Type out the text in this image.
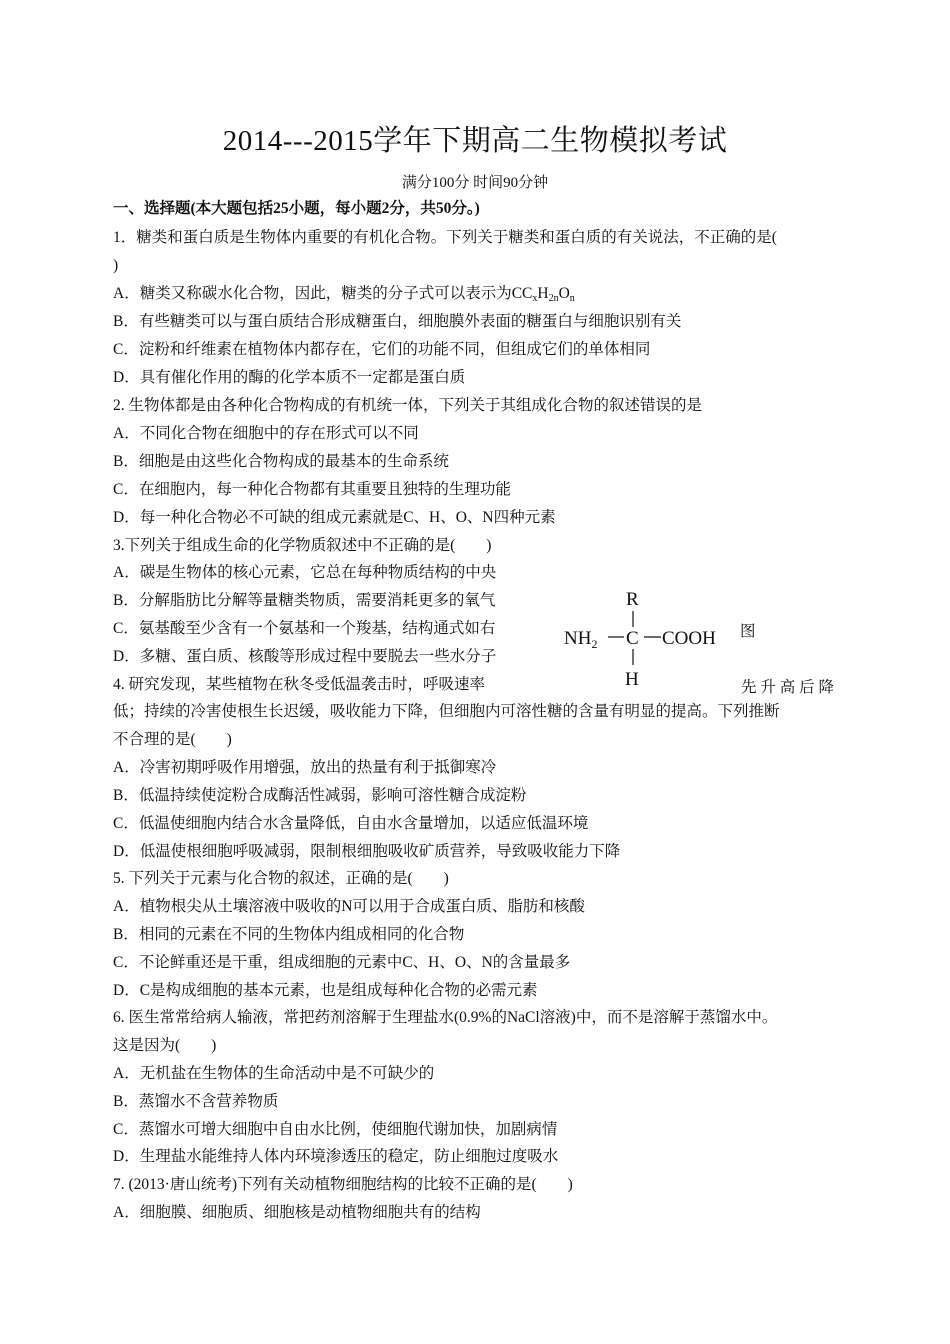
2014---2015学年下期高二生物模拟考试
满分100分 时间90分钟
一、选择题(本大题包括25小题，每小题2分，共50分。)
1．糖类和蛋白质是生物体内重要的有机化合物。下列关于糖类和蛋白质的有关说法，不正确的是(
)
A．糖类又称碳水化合物，因此，糖类的分子式可以表示为$CC_xH_{2n}O_n$
B．有些糖类可以与蛋白质结合形成糖蛋白，细胞膜外表面的糖蛋白与细胞识别有关
C．淀粉和纤维素在植物体内都存在，它们的功能不同，但组成它们的单体相同
D．具有催化作用的酶的化学本质不一定都是蛋白质
2. 生物体都是由各种化合物构成的有机统一体，下列关于其组成化合物的叙述错误的是
A．不同化合物在细胞中的存在形式可以不同
B．细胞是由这些化合物构成的最基本的生命系统
C．在细胞内，每一种化合物都有其重要且独特的生理功能
D．每一种化合物必不可缺的组成元素就是C、H、O、N四种元素
3.下列关于组成生命的化学物质叙述中不正确的是(　　)
A．碳是生物体的核心元素，它总在每种物质结构的中央
B．分解脂肪比分解等量糖类物质，需要消耗更多的氧气
C．氨基酸至少含有一个氨基和一个羧基，结构通式如右
D．多糖、蛋白质、核酸等形成过程中要脱去一些水分子
4. 研究发现，某些植物在秋冬受低温袭击时，呼吸速率
低；持续的冷害使根生长迟缓，吸收能力下降，但细胞内可溶性糖的含量有明显的提高。下列推断
不合理的是(　　)
A．冷害初期呼吸作用增强，放出的热量有利于抵御寒冷
B．低温持续使淀粉合成酶活性减弱，影响可溶性糖合成淀粉
C．低温使细胞内结合水含量降低，自由水含量增加，以适应低温环境
D．低温使根细胞呼吸减弱，限制根细胞吸收矿质营养，导致吸收能力下降
5. 下列关于元素与化合物的叙述，正确的是(　　)
A．植物根尖从土壤溶液中吸收的N可以用于合成蛋白质、脂肪和核酸
B．相同的元素在不同的生物体内组成相同的化合物
C．不论鲜重还是干重，组成细胞的元素中C、H、O、N的含量最多
D．C是构成细胞的基本元素，也是组成每种化合物的必需元素
6. 医生常常给病人输液，常把药剂溶解于生理盐水(0.9%的NaCl溶液)中，而不是溶解于蒸馏水中。
这是因为(　　)
A．无机盐在生物体的生命活动中是不可缺少的
B．蒸馏水不含营养物质
C．蒸馏水可增大细胞中自由水比例，使细胞代谢加快，加剧病情
D．生理盐水能维持人体内环境渗透压的稳定，防止细胞过度吸水
7. (2013·唐山统考)下列有关动植物细胞结构的比较不正确的是(　　)
A．细胞膜、细胞质、细胞核是动植物细胞共有的结构
图
先 升 高 后 降
R
$NH_2$ C COOH
H
